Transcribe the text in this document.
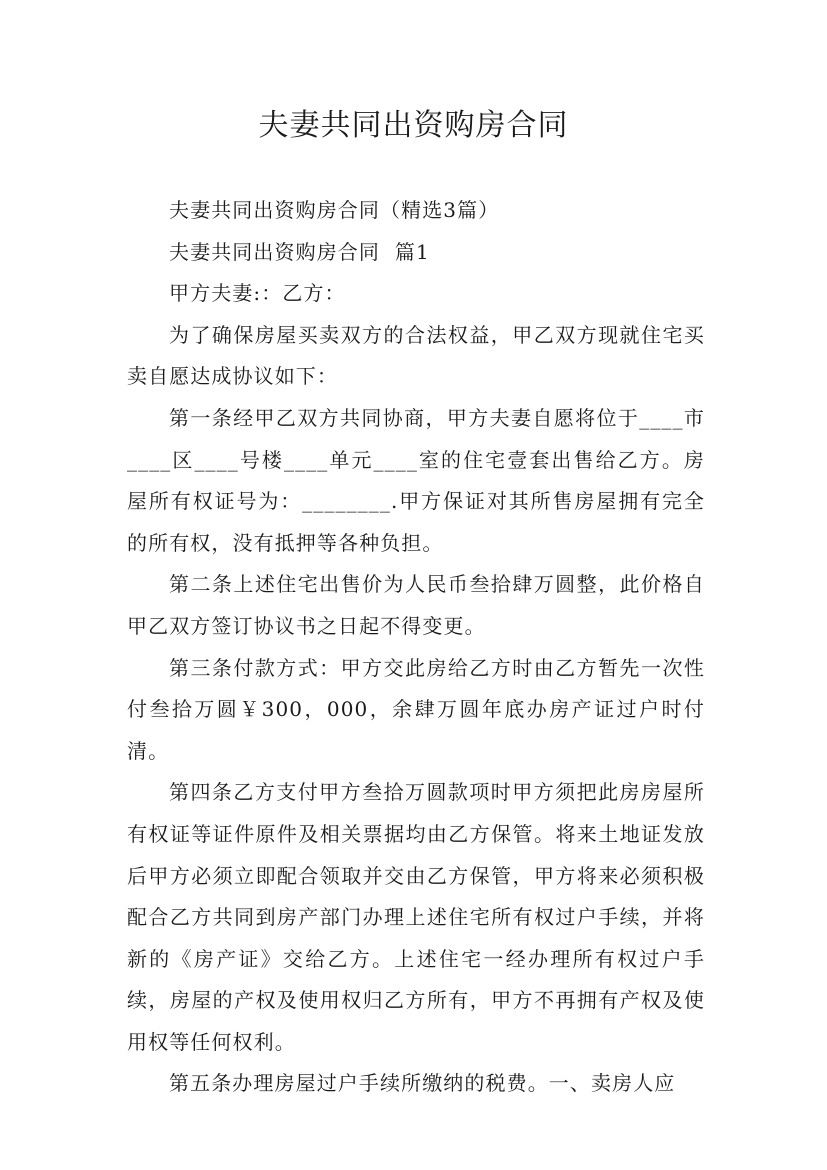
夫妻共同出资购房合同

夫妻共同出资购房合同（精选3篇）

夫妻共同出资购房合同  篇1

甲方夫妻:：乙方：

为了确保房屋买卖双方的合法权益，甲乙双方现就住宅买卖自愿达成协议如下：

第一条经甲乙双方共同协商，甲方夫妻自愿将位于____市____区____号楼____单元____室的住宅壹套出售给乙方。房屋所有权证号为：________.甲方保证对其所售房屋拥有完全的所有权，没有抵押等各种负担。

第二条上述住宅出售价为人民币叁拾肆万圆整，此价格自甲乙双方签订协议书之日起不得变更。

第三条付款方式：甲方交此房给乙方时由乙方暂先一次性付叁拾万圆￥300，000，余肆万圆年底办房产证过户时付清。

第四条乙方支付甲方叁拾万圆款项时甲方须把此房房屋所有权证等证件原件及相关票据均由乙方保管。将来土地证发放后甲方必须立即配合领取并交由乙方保管，甲方将来必须积极配合乙方共同到房产部门办理上述住宅所有权过户手续，并将新的《房产证》交给乙方。上述住宅一经办理所有权过户手续，房屋的产权及使用权归乙方所有，甲方不再拥有产权及使用权等任何权利。

第五条办理房屋过户手续所缴纳的税费。一、卖房人应
